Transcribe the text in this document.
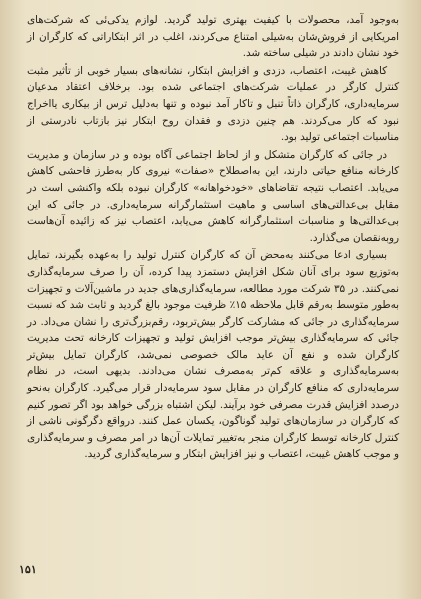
به‌وجود آمد، محصولات با کیفیت بهتری تولید گردید. لوازم یدکی‌ئی که شرکت‌های امریکایی از فروش‌شان به‌شیلی امتناع می‌کردند، اغلب در اثر ابتکاراتی که کارگران از خود نشان دادند در شیلی ساخته شد.

کاهش غیبت، اعتصاب، دزدی و افزایش ابتکار، نشانه‌های بسیار خوبی از تأثیر مثبت کنترل کارگر در عملیات شرکت‌های اجتماعی شده بود. برخلاف اعتقاد مدعیان سرمایه‌داری، کارگران ذاتاً تنبل و تاکار آمد نبوده و تنها به‌دلیل ترس از بیکاری یااخراج نبود که کار می‌کردند. هم چنین دزدی و فقدان روح ابتکار نیز بازتاب نادرستی از مناسبات اجتماعی تولید بود.

در جائی که کارگران متشکل و از لحاظ اجتماعی آگاه بوده و در سازمان و مدیریت کارخانه منافع حیاتی دارند، این به‌اصطلاح «صفات» نیروی کار به‌طرز فاحشی کاهش می‌یابد. اعتصاب نتیجه تقاضاهای «خودخواهانه» کارگران نبوده بلکه واکنشی است در مقابل بی‌عدالتی‌های اساسی و ماهیت استثمارگرانه سرمایه‌داری. در جائی که این بی‌عدالتی‌ها و مناسبات استثمارگرانه کاهش می‌یابد، اعتصاب نیز که زائیده آن‌هاست روبه‌نقصان می‌گذارد.

بسیاری ادعا می‌کنند به‌محض آن که کارگران کنترل تولید را به‌عهده بگیرند، تمایل به‌توزیع سود برای آنان شکل افزایش دستمزد پیدا کرده، آن را صرف سرمایه‌گذاری نمی‌کنند. در ۳۵ شرکت مورد مطالعه، سرمایه‌گذاری‌های جدید در ماشین‌آلات و تجهیزات به‌طور متوسط به‌رقم قابل ملاحظه ۱۵٪ ظرفیت موجود بالغ گردید و ثابت شد که نسبت سرمایه‌گذاری در جائی که مشارکت کارگر بیش‌تربود، رقم‌بزرگ‌تری را نشان می‌داد. در جائی که سرمایه‌گذاری بیش‌تر موجب افزایش تولید و تجهیزات کارخانه تحت مدیریت کارگران شده و نفع آن عاید مالک خصوصی نمی‌شد، کارگران تمایل بیش‌تر به‌سرمایه‌گذاری و علاقه کم‌تر به‌مصرف نشان می‌دادند. بدیهی است، در نظام سرمایه‌داری که منافع کارگران در مقابل سود سرمایه‌دار قرار می‌گیرد. کارگران به‌نحو درصدد افزایش قدرت مصرفی خود برآیند. لیکن اشتباه بزرگی خواهد بود اگر تصور کنیم که کارگران در سازمان‌های تولید گوناگون، یکسان عمل کنند. درواقع دگرگونی ناشی از کنترل کارخانه توسط کارگران منجر به‌تغییر تمایلات آن‌ها در امر مصرف و سرمایه‌گذاری و موجب کاهش غیبت، اعتصاب و نیز افزایش ابتکار و سرمایه‌گذاری گردید.

۱۵۱
